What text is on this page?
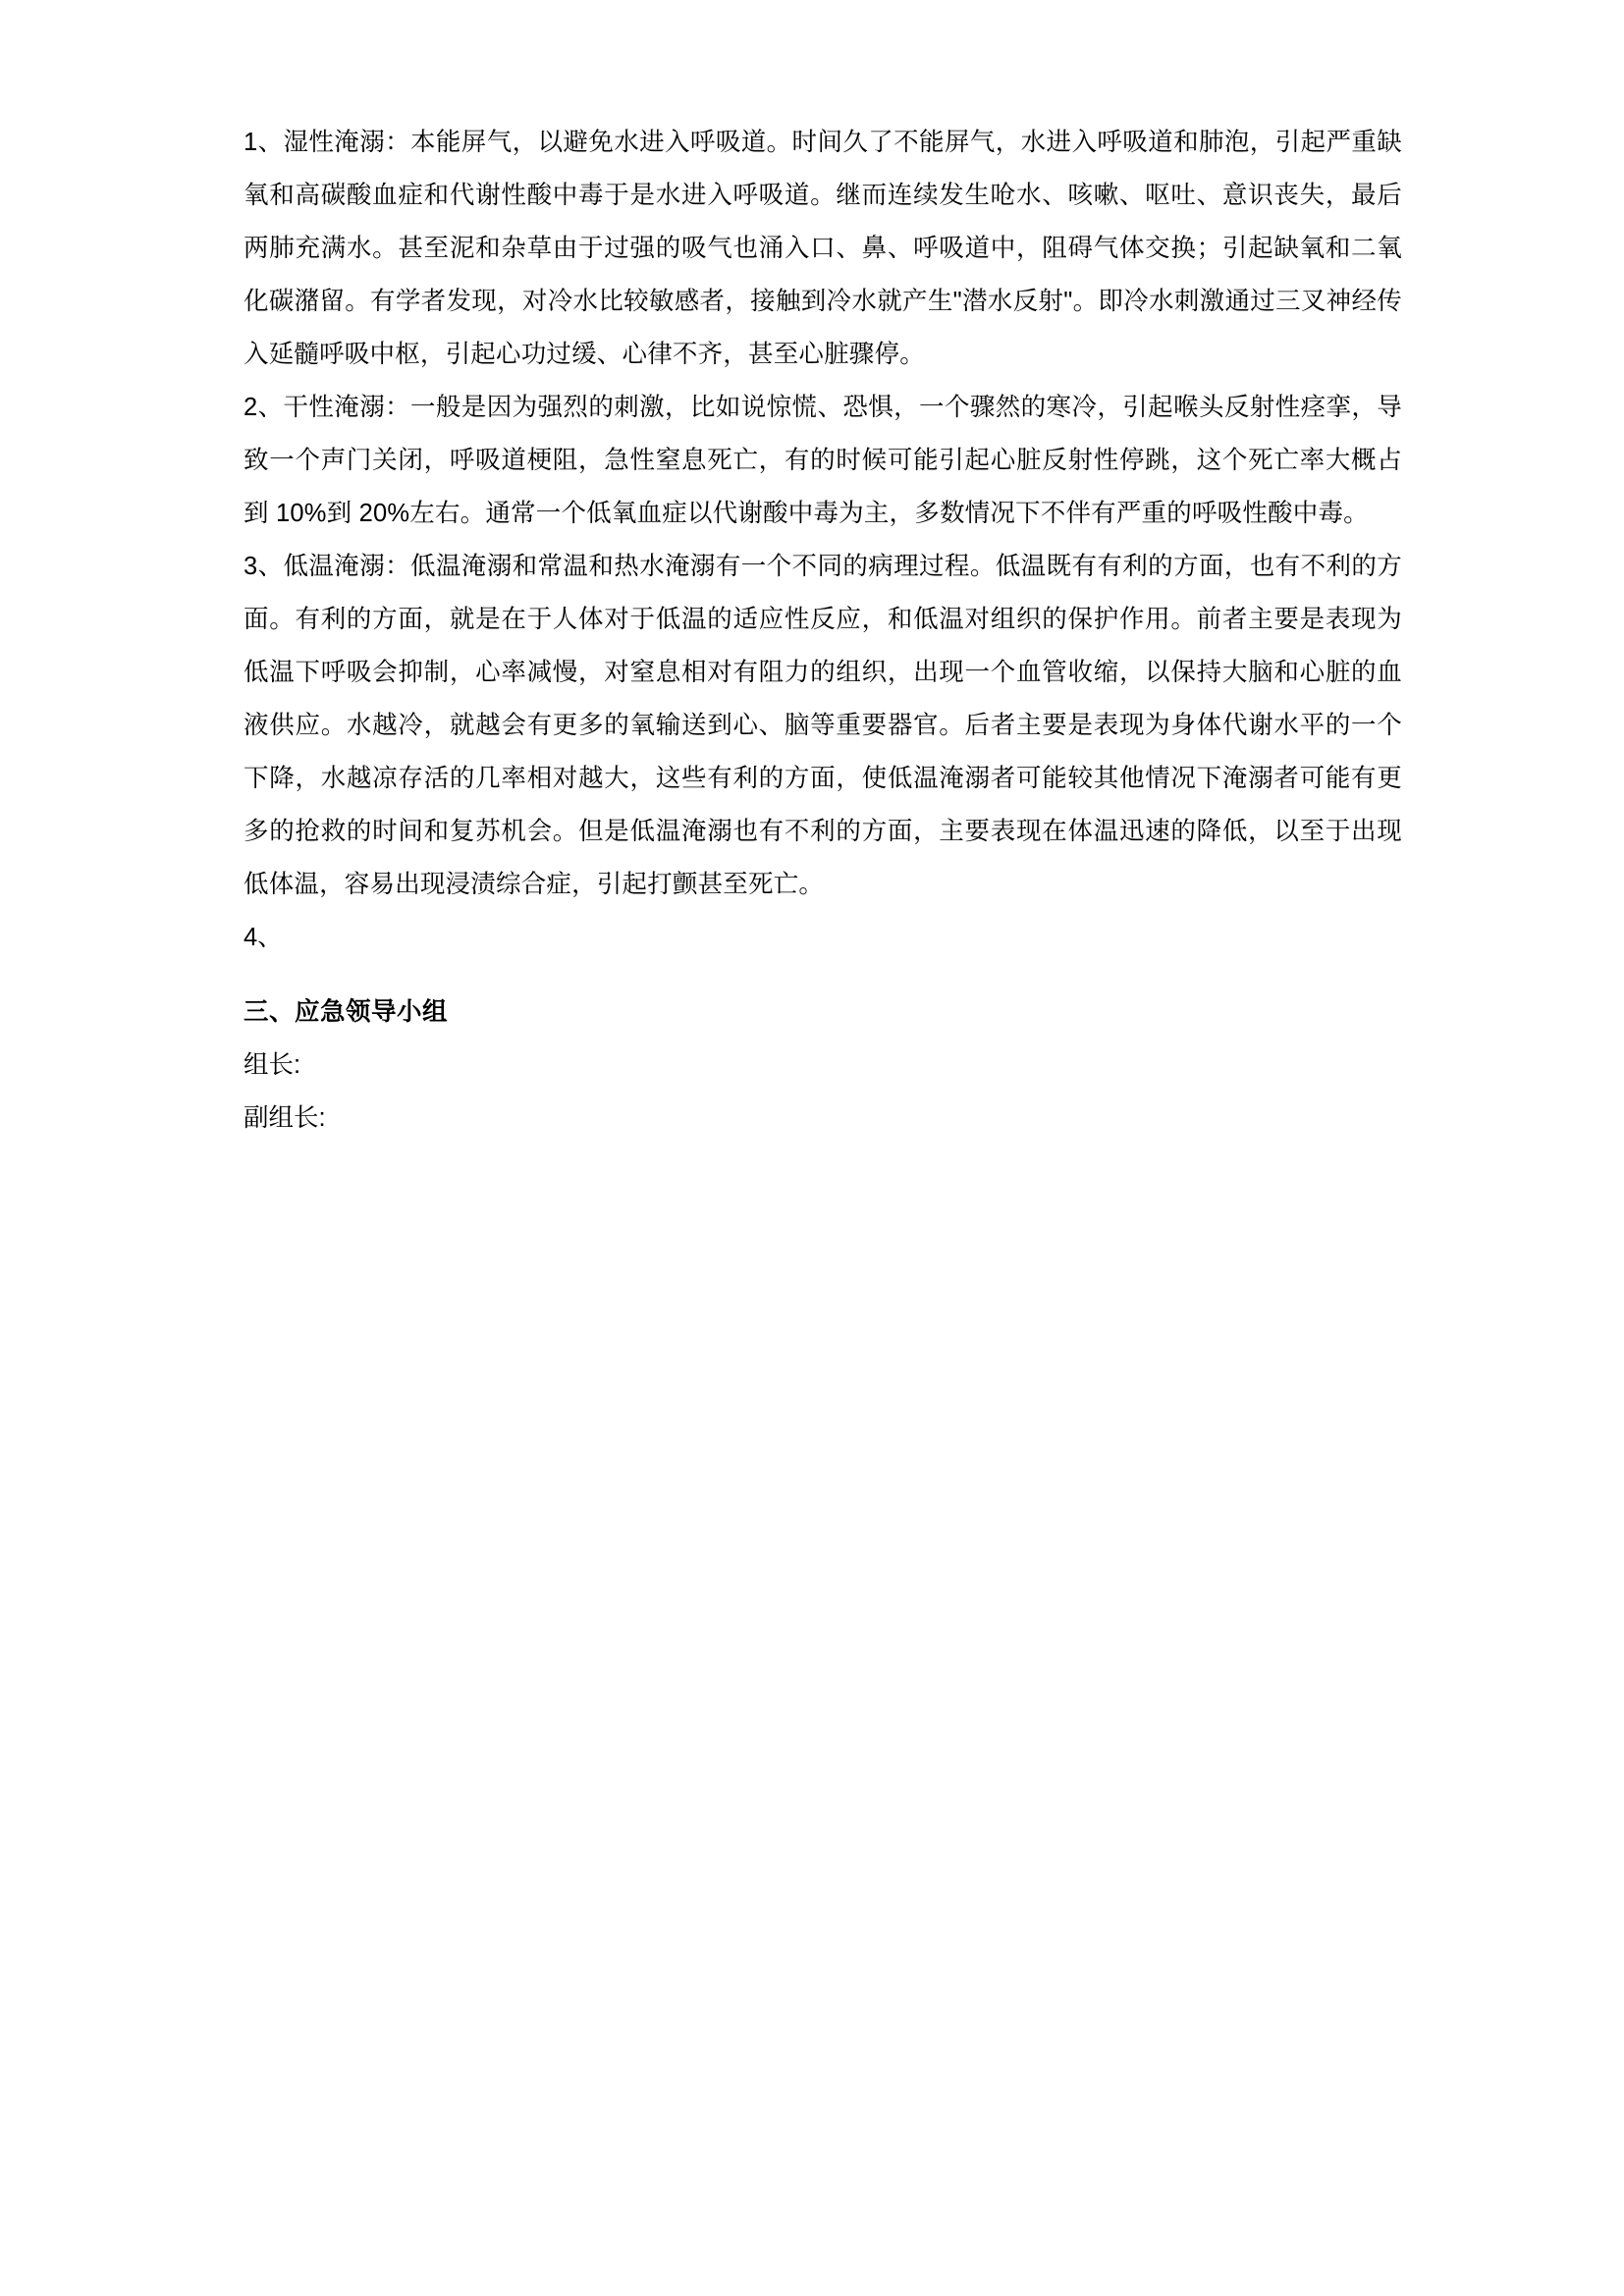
1、湿性淹溺：本能屏气，以避免水进入呼吸道。时间久了不能屏气，水进入呼吸道和肺泡，引起严重缺氧和高碳酸血症和代谢性酸中毒于是水进入呼吸道。继而连续发生呛水、咳嗽、呕吐、意识丧失，最后两肺充满水。甚至泥和杂草由于过强的吸气也涌入口、鼻、呼吸道中，阻碍气体交换；引起缺氧和二氧化碳潴留。有学者发现，对冷水比较敏感者，接触到冷水就产生"潜水反射"。即冷水刺激通过三叉神经传入延髓呼吸中枢，引起心功过缓、心律不齐，甚至心脏骤停。

2、干性淹溺：一般是因为强烈的刺激，比如说惊慌、恐惧，一个骤然的寒冷，引起喉头反射性痉挛，导致一个声门关闭，呼吸道梗阻，急性窒息死亡，有的时候可能引起心脏反射性停跳，这个死亡率大概占到 10%到 20%左右。通常一个低氧血症以代谢酸中毒为主，多数情况下不伴有严重的呼吸性酸中毒。

3、低温淹溺：低温淹溺和常温和热水淹溺有一个不同的病理过程。低温既有有利的方面，也有不利的方面。有利的方面，就是在于人体对于低温的适应性反应，和低温对组织的保护作用。前者主要是表现为低温下呼吸会抑制，心率减慢，对窒息相对有阻力的组织，出现一个血管收缩，以保持大脑和心脏的血液供应。水越冷，就越会有更多的氧输送到心、脑等重要器官。后者主要是表现为身体代谢水平的一个下降，水越凉存活的几率相对越大，这些有利的方面，使低温淹溺者可能较其他情况下淹溺者可能有更多的抢救的时间和复苏机会。但是低温淹溺也有不利的方面，主要表现在体温迅速的降低，以至于出现低体温，容易出现浸渍综合症，引起打颤甚至死亡。

4、

三、应急领导小组

组长:

副组长:
